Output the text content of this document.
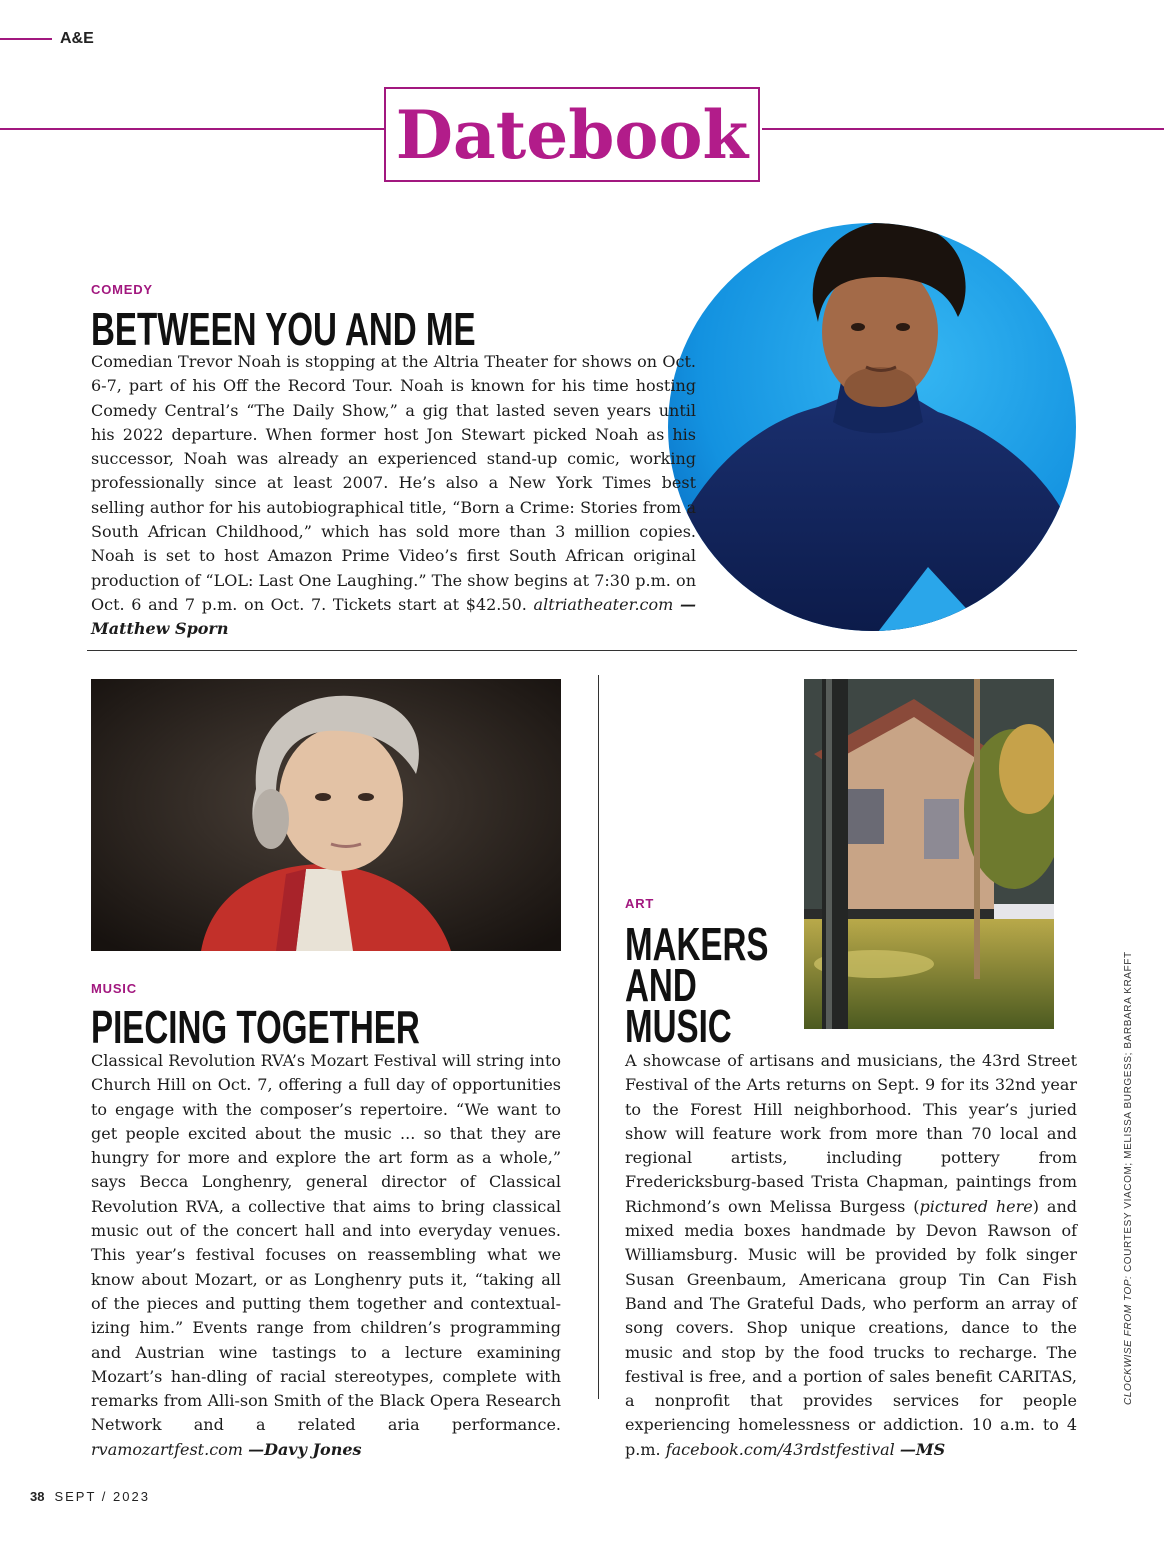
A&E
Datebook
COMEDY
BETWEEN YOU AND ME

Comedian Trevor Noah is stopping at the Altria Theater for shows on Oct. 6-7, part of his Off the Record Tour. Noah is known for his time hosting Comedy Central’s “The Daily Show,” a gig that lasted seven years until his 2022 departure. When former host Jon Stewart picked Noah as his successor, Noah was already an experienced stand-up comic, working professionally since at least 2007. He’s also a New York Times best selling author for his autobiographical title, “Born a Crime: Stories from a South African Childhood,” which has sold more than 3 million copies. Noah is set to host Amazon Prime Video’s first South African original production of “LOL: Last One Laughing.” The show begins at 7:30 p.m. on Oct. 6 and 7 p.m. on Oct. 7. Tickets start at $42.50. altriatheater.com —Matthew Sporn

MUSIC
PIECING TOGETHER

Classical Revolution RVA’s Mozart Festival will string into Church Hill on Oct. 7, offering a full day of opportunities to engage with the composer’s repertoire. “We want to get people excited about the music ... so that they are hungry for more and explore the art form as a whole,” says Becca Longhenry, general director of Classical Revolution RVA, a collective that aims to bring classical music out of the concert hall and into everyday venues. This year’s festival focuses on reassembling what we know about Mozart, or as Longhenry puts it, “taking all of the pieces and putting them together and contextual-izing him.” Events range from children’s programming and Austrian wine tastings to a lecture examining Mozart’s han-dling of racial stereotypes, complete with remarks from Alli-son Smith of the Black Opera Research Network and a related aria performance. rvamozartfest.com —Davy Jones

ART
MAKERS
AND
MUSIC

A showcase of artisans and musicians, the 43rd Street Festival of the Arts returns on Sept. 9 for its 32nd year to the Forest Hill neighborhood. This year’s juried show will feature work from more than 70 local and regional artists, including pottery from Fredericksburg-based Trista Chapman, paintings from Richmond’s own Melissa Burgess (pictured here) and mixed media boxes handmade by Devon Rawson of Williamsburg. Music will be provided by folk singer Susan Greenbaum, Americana group Tin Can Fish Band and The Grateful Dads, who perform an array of song covers. Shop unique creations, dance to the music and stop by the food trucks to recharge. The festival is free, and a portion of sales benefit CARITAS, a nonprofit that provides services for people experiencing homelessness or addiction. 10 a.m. to 4 p.m. facebook.com/43rdstfestival —MS

CLOCKWISE FROM TOP: COURTESY VIACOM; MELISSA BURGESS; BARBARA KRAFFT
38 SEPT / 2023
